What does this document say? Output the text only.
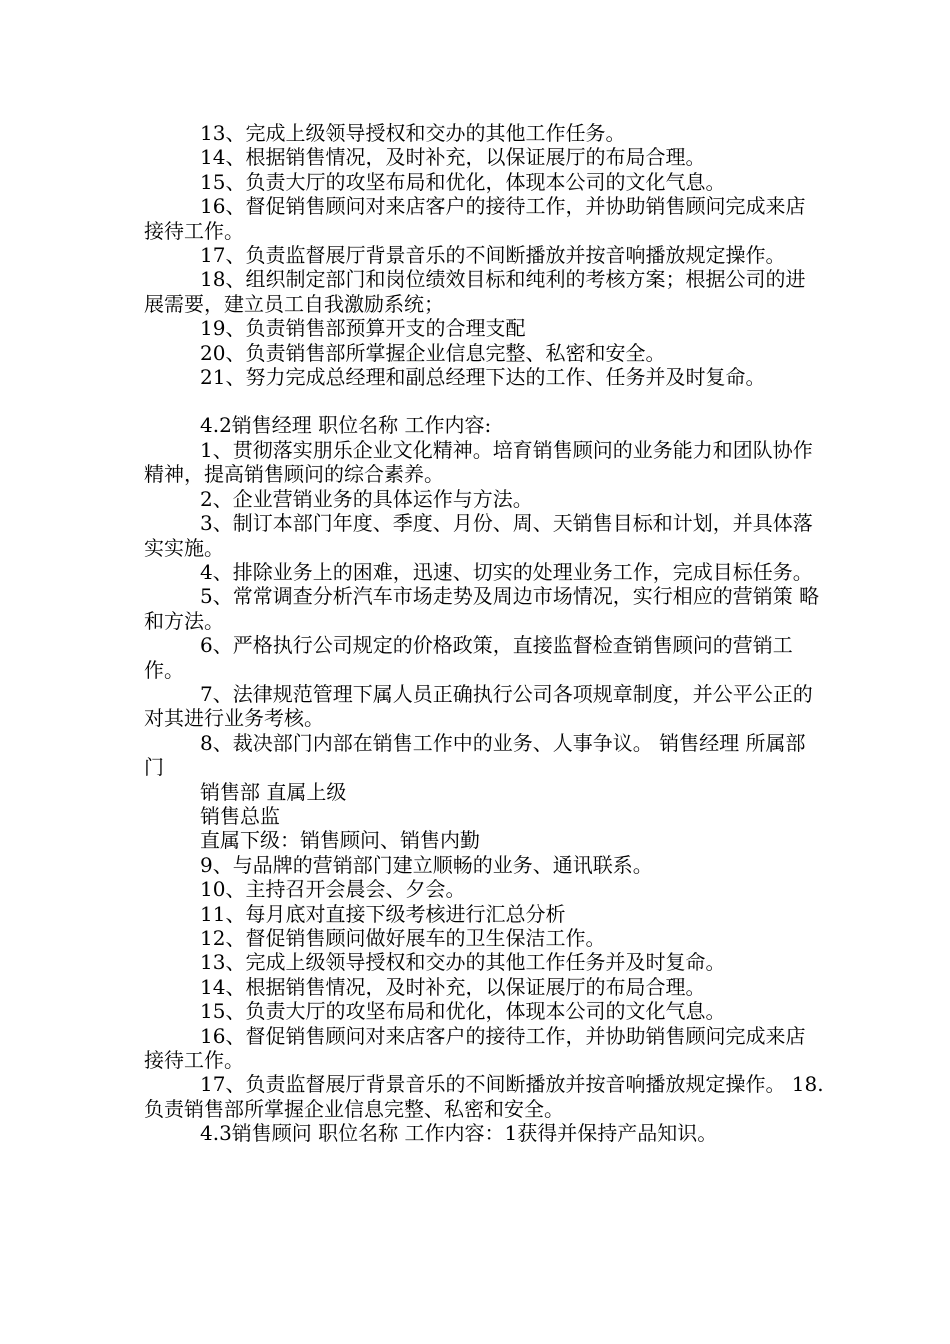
13、完成上级领导授权和交办的其他工作任务。

14、根据销售情况，及时补充，以保证展厅的布局合理。

15、负责大厅的攻坚布局和优化，体现本公司的文化气息。

16、督促销售顾问对来店客户的接待工作，并协助销售顾问完成来店接待工作。

17、负责监督展厅背景音乐的不间断播放并按音响播放规定操作。

18、组织制定部门和岗位绩效目标和纯利的考核方案；根据公司的进展需要，建立员工自我激励系统；

19、负责销售部预算开支的合理支配

20、负责销售部所掌握企业信息完整、私密和安全。

21、努力完成总经理和副总经理下达的工作、任务并及时复命。

4.2销售经理 职位名称 工作内容:

1、贯彻落实朋乐企业文化精神。培育销售顾问的业务能力和团队协作精神，提高销售顾问的综合素养。

2、企业营销业务的具体运作与方法。

3、制订本部门年度、季度、月份、周、天销售目标和计划，并具体落实实施。

4、排除业务上的困难，迅速、切实的处理业务工作，完成目标任务。

5、常常调查分析汽车市场走势及周边市场情况，实行相应的营销策 略和方法。

6、严格执行公司规定的价格政策，直接监督检查销售顾问的营销工作。

7、法律规范管理下属人员正确执行公司各项规章制度，并公平公正的对其进行业务考核。

8、裁决部门内部在销售工作中的业务、人事争议。 销售经理 所属部门

销售部 直属上级

销售总监

直属下级：销售顾问、销售内勤

9、与品牌的营销部门建立顺畅的业务、通讯联系。

10、主持召开会晨会、夕会。

11、每月底对直接下级考核进行汇总分析

12、督促销售顾问做好展车的卫生保洁工作。

13、完成上级领导授权和交办的其他工作任务并及时复命。

14、根据销售情况，及时补充，以保证展厅的布局合理。

15、负责大厅的攻坚布局和优化，体现本公司的文化气息。

16、督促销售顾问对来店客户的接待工作，并协助销售顾问完成来店接待工作。

17、负责监督展厅背景音乐的不间断播放并按音响播放规定操作。 18.负责销售部所掌握企业信息完整、私密和安全。

4.3销售顾问 职位名称 工作内容：1获得并保持产品知识。
